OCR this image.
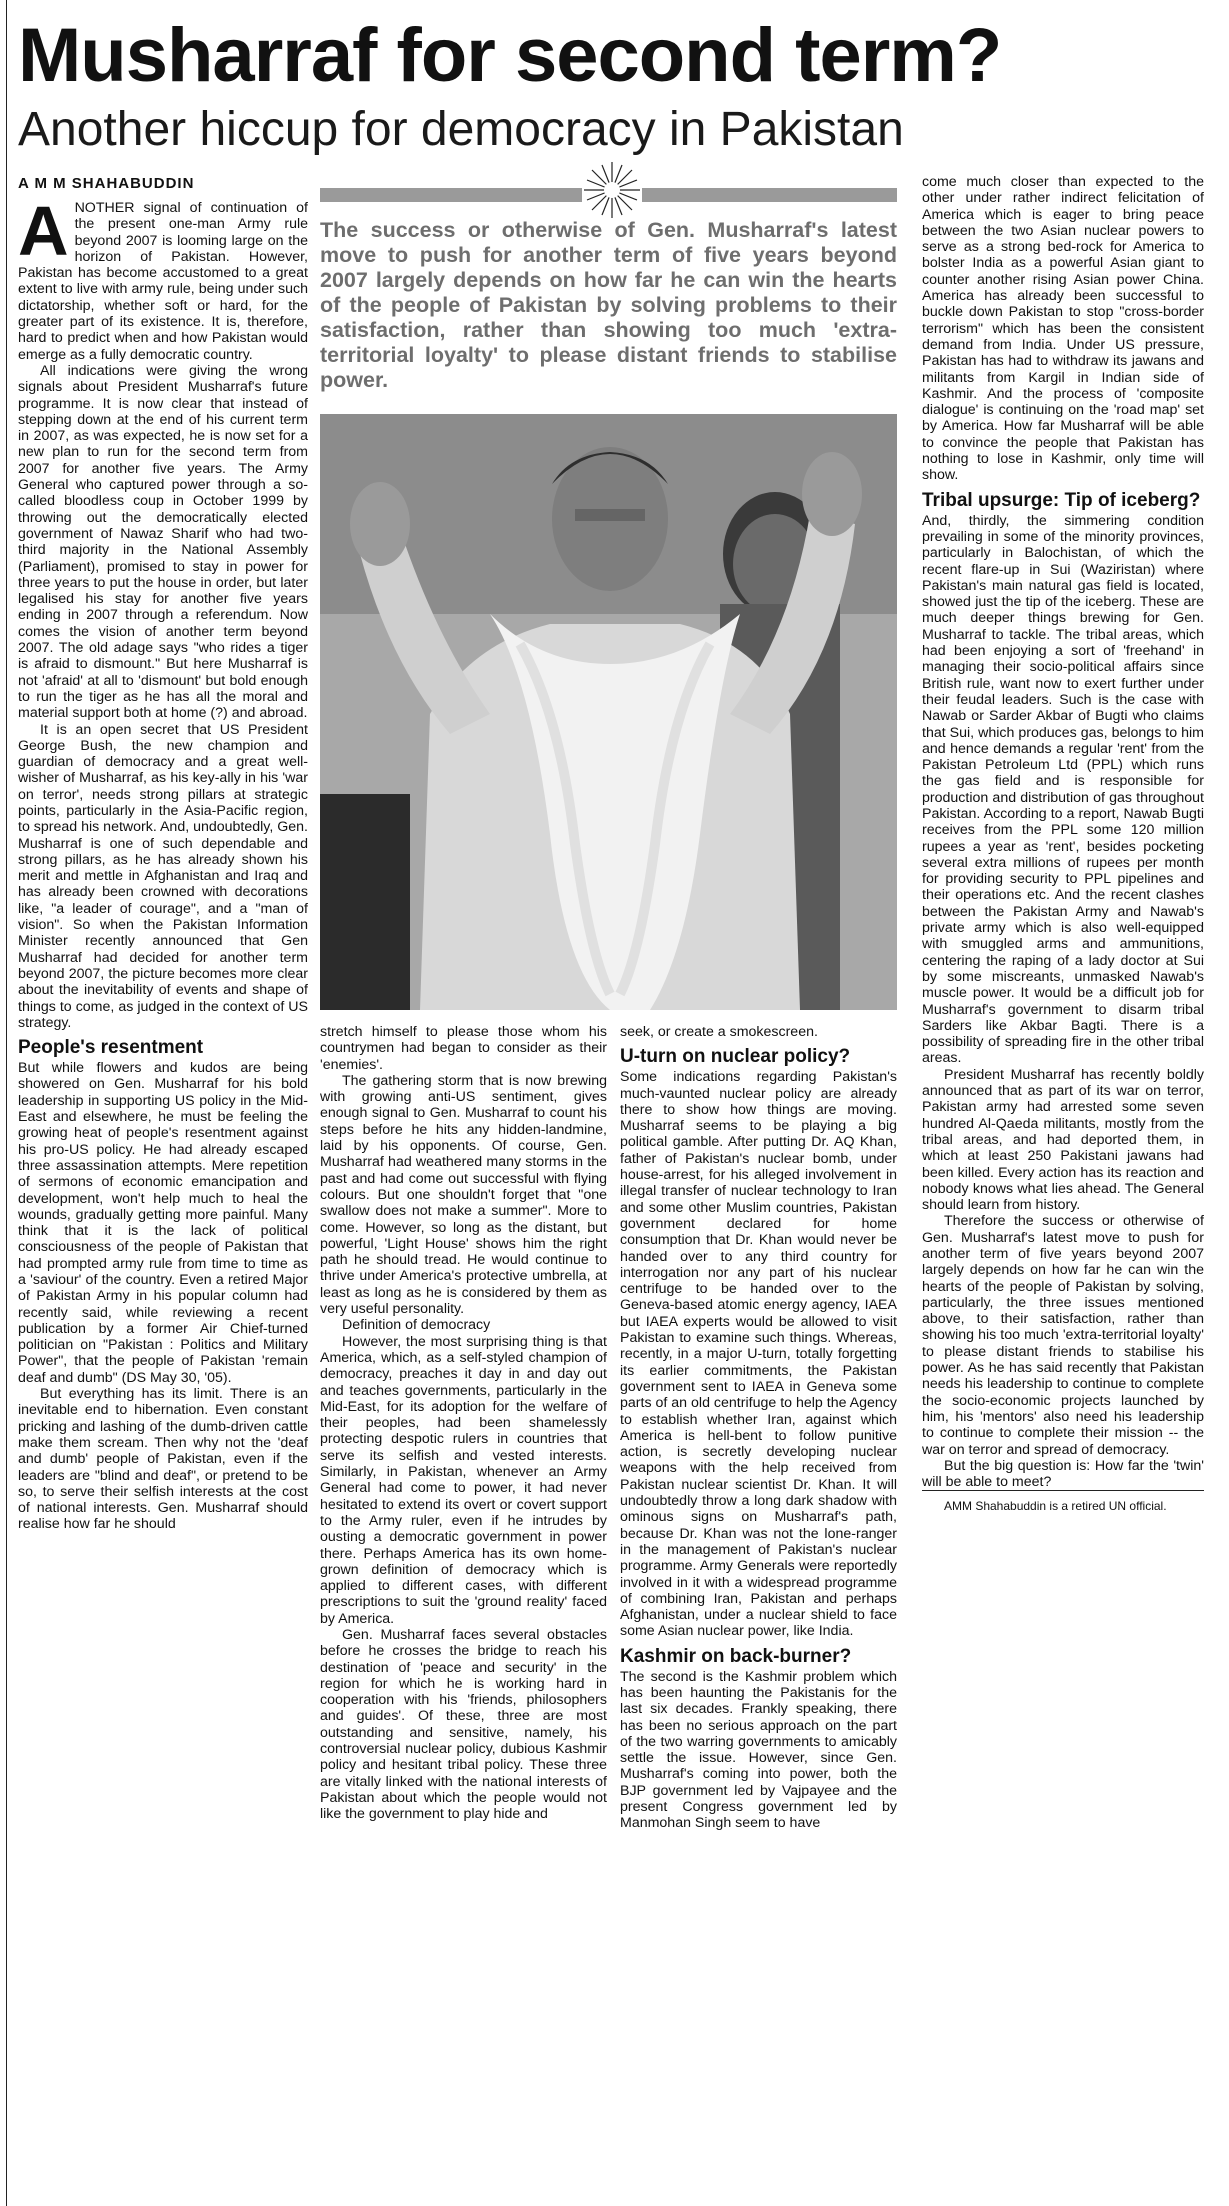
Musharraf for second term?
Another hiccup for democracy in Pakistan
A M M SHAHABUDDIN

The success or otherwise of Gen. Musharraf's latest move to push for another term of five years beyond 2007 largely depends on how far he can win the hearts of the people of Pakistan by solving problems to their satisfaction, rather than showing too much 'extra-territorial loyalty' to please distant friends to stabilise power.

ANOTHER signal of continuation of the present one-man Army rule beyond 2007 is looming large on the horizon of Pakistan. However, Pakistan has become accustomed to a great extent to live with army rule, being under such dictatorship, whether soft or hard, for the greater part of its existence. It is, therefore, hard to predict when and how Pakistan would emerge as a fully democratic country.

All indications were giving the wrong signals about President Musharraf's future programme. It is now clear that instead of stepping down at the end of his current term in 2007, as was expected, he is now set for a new plan to run for the second term from 2007 for another five years. The Army General who captured power through a so-called bloodless coup in October 1999 by throwing out the democratically elected government of Nawaz Sharif who had two-third majority in the National Assembly (Parliament), promised to stay in power for three years to put the house in order, but later legalised his stay for another five years ending in 2007 through a referendum. Now comes the vision of another term beyond 2007. The old adage says "who rides a tiger is afraid to dismount." But here Musharraf is not 'afraid' at all to 'dismount' but bold enough to run the tiger as he has all the moral and material support both at home (?) and abroad.

It is an open secret that US President George Bush, the new champion and guardian of democracy and a great well-wisher of Musharraf, as his key-ally in his 'war on terror', needs strong pillars at strategic points, particularly in the Asia-Pacific region, to spread his network. And, undoubtedly, Gen. Musharraf is one of such dependable and strong pillars, as he has already shown his merit and mettle in Afghanistan and Iraq and has already been crowned with decorations like, "a leader of courage", and a "man of vision". So when the Pakistan Information Minister recently announced that Gen Musharraf had decided for another term beyond 2007, the picture becomes more clear about the inevitability of events and shape of things to come, as judged in the context of US strategy.

People's resentment

But while flowers and kudos are being showered on Gen. Musharraf for his bold leadership in supporting US policy in the Mid-East and elsewhere, he must be feeling the growing heat of people's resentment against his pro-US policy. He had already escaped three assassination attempts. Mere repetition of sermons of economic emancipation and development, won't help much to heal the wounds, gradually getting more painful. Many think that it is the lack of political consciousness of the people of Pakistan that had prompted army rule from time to time as a 'saviour' of the country. Even a retired Major of Pakistan Army in his popular column had recently said, while reviewing a recent publication by a former Air Chief-turned politician on "Pakistan : Politics and Military Power", that the people of Pakistan 'remain deaf and dumb" (DS May 30, '05).

But everything has its limit. There is an inevitable end to hibernation. Even constant pricking and lashing of the dumb-driven cattle make them scream. Then why not the 'deaf and dumb' people of Pakistan, even if the leaders are "blind and deaf", or pretend to be so, to serve their selfish interests at the cost of national interests. Gen. Musharraf should realise how far he should

stretch himself to please those whom his countrymen had began to consider as their 'enemies'.

The gathering storm that is now brewing with growing anti-US sentiment, gives enough signal to Gen. Musharraf to count his steps before he hits any hidden-landmine, laid by his opponents. Of course, Gen. Musharraf had weathered many storms in the past and had come out successful with flying colours. But one shouldn't forget that "one swallow does not make a summer". More to come. However, so long as the distant, but powerful, 'Light House' shows him the right path he should tread. He would continue to thrive under America's protective umbrella, at least as long as he is considered by them as very useful personality.

Definition of democracy

However, the most surprising thing is that America, which, as a self-styled champion of democracy, preaches it day in and day out and teaches governments, particularly in the Mid-East, for its adoption for the welfare of their peoples, had been shamelessly protecting despotic rulers in countries that serve its selfish and vested interests. Similarly, in Pakistan, whenever an Army General had come to power, it had never hesitated to extend its overt or covert support to the Army ruler, even if he intrudes by ousting a democratic government in power there. Perhaps America has its own home-grown definition of democracy which is applied to different cases, with different prescriptions to suit the 'ground reality' faced by America.

Gen. Musharraf faces several obstacles before he crosses the bridge to reach his destination of 'peace and security' in the region for which he is working hard in cooperation with his 'friends, philosophers and guides'. Of these, three are most outstanding and sensitive, namely, his controversial nuclear policy, dubious Kashmir policy and hesitant tribal policy. These three are vitally linked with the national interests of Pakistan about which the people would not like the government to play hide and

seek, or create a smokescreen.

U-turn on nuclear policy?

Some indications regarding Pakistan's much-vaunted nuclear policy are already there to show how things are moving. Musharraf seems to be playing a big political gamble. After putting Dr. AQ Khan, father of Pakistan's nuclear bomb, under house-arrest, for his alleged involvement in illegal transfer of nuclear technology to Iran and some other Muslim countries, Pakistan government declared for home consumption that Dr. Khan would never be handed over to any third country for interrogation nor any part of his nuclear centrifuge to be handed over to the Geneva-based atomic energy agency, IAEA but IAEA experts would be allowed to visit Pakistan to examine such things. Whereas, recently, in a major U-turn, totally forgetting its earlier commitments, the Pakistan government sent to IAEA in Geneva some parts of an old centrifuge to help the Agency to establish whether Iran, against which America is hell-bent to follow punitive action, is secretly developing nuclear weapons with the help received from Pakistan nuclear scientist Dr. Khan. It will undoubtedly throw a long dark shadow with ominous signs on Musharraf's path, because Dr. Khan was not the lone-ranger in the management of Pakistan's nuclear programme. Army Generals were reportedly involved in it with a widespread programme of combining Iran, Pakistan and perhaps Afghanistan, under a nuclear shield to face some Asian nuclear power, like India.

Kashmir on back-burner?

The second is the Kashmir problem which has been haunting the Pakistanis for the last six decades. Frankly speaking, there has been no serious approach on the part of the two warring governments to amicably settle the issue. However, since Gen. Musharraf's coming into power, both the BJP government led by Vajpayee and the present Congress government led by Manmohan Singh seem to have

come much closer than expected to the other under rather indirect felicitation of America which is eager to bring peace between the two Asian nuclear powers to serve as a strong bed-rock for America to bolster India as a powerful Asian giant to counter another rising Asian power China. America has already been successful to buckle down Pakistan to stop "cross-border terrorism" which has been the consistent demand from India. Under US pressure, Pakistan has had to withdraw its jawans and militants from Kargil in Indian side of Kashmir. And the process of 'composite dialogue' is continuing on the 'road map' set by America. How far Musharraf will be able to convince the people that Pakistan has nothing to lose in Kashmir, only time will show.

Tribal upsurge: Tip of iceberg?

And, thirdly, the simmering condition prevailing in some of the minority provinces, particularly in Balochistan, of which the recent flare-up in Sui (Waziristan) where Pakistan's main natural gas field is located, showed just the tip of the iceberg. These are much deeper things brewing for Gen. Musharraf to tackle. The tribal areas, which had been enjoying a sort of 'freehand' in managing their socio-political affairs since British rule, want now to exert further under their feudal leaders. Such is the case with Nawab or Sarder Akbar of Bugti who claims that Sui, which produces gas, belongs to him and hence demands a regular 'rent' from the Pakistan Petroleum Ltd (PPL) which runs the gas field and is responsible for production and distribution of gas throughout Pakistan. According to a report, Nawab Bugti receives from the PPL some 120 million rupees a year as 'rent', besides pocketing several extra millions of rupees per month for providing security to PPL pipelines and their operations etc. And the recent clashes between the Pakistan Army and Nawab's private army which is also well-equipped with smuggled arms and ammunitions, centering the raping of a lady doctor at Sui by some miscreants, unmasked Nawab's muscle power. It would be a difficult job for Musharraf's government to disarm tribal Sarders like Akbar Bagti. There is a possibility of spreading fire in the other tribal areas.

President Musharraf has recently boldly announced that as part of its war on terror, Pakistan army had arrested some seven hundred Al-Qaeda militants, mostly from the tribal areas, and had deported them, in which at least 250 Pakistani jawans had been killed. Every action has its reaction and nobody knows what lies ahead. The General should learn from history.

Therefore the success or otherwise of Gen. Musharraf's latest move to push for another term of five years beyond 2007 largely depends on how far he can win the hearts of the people of Pakistan by solving, particularly, the three issues mentioned above, to their satisfaction, rather than showing his too much 'extra-territorial loyalty' to please distant friends to stabilise his power. As he has said recently that Pakistan needs his leadership to continue to complete the socio-economic projects launched by him, his 'mentors' also need his leadership to continue to complete their mission -- the war on terror and spread of democracy.

But the big question is: How far the 'twin' will be able to meet?

AMM Shahabuddin is a retired UN official.
